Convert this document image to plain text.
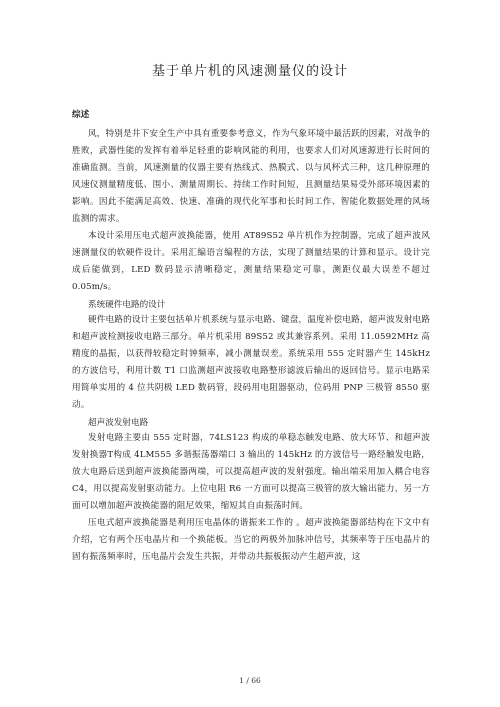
基于单片机的风速测量仪的设计
综述

风，特别是井下安全生产中具有重要参考意义，作为气象环境中最活跃的因素，对战争的胜败，武器性能的发挥有着举足轻重的影响风能的利用，也要求人们对风速源进行长时间的准确监测。当前，风速测量的仪器主要有热线式、热膜式、以与风杯式三种，这几种原理的风速仪测量精度低、围小、测量周期长、持续工作时间短，且测量结果易受外部环境因素的影响。因此不能满足高效、快速、准确的现代化军事和长时间工作、智能化数据处理的风场监测的需求。

本设计采用压电式超声波换能器，使用 AT89S52 单片机作为控制器，完成了超声波风速测量仪的软硬件设计。采用汇编语言编程的方法，实现了测量结果的计算和显示。设计完成后能做到，LED 数码显示清晰稳定，测量结果稳定可靠，测距仪最大误差不超过 0.05m/s。

系统硬件电路的设计

硬件电路的设计主要包括单片机系统与显示电路、键盘，温度补偿电路，超声波发射电路和超声波检测接收电路三部分。单片机采用 89S52 或其兼容系列。采用 11.0592MHz 高精度的晶振，以获得较稳定时钟频率，减小测量误差。系统采用 555 定时器产生 145kHz 的方波信号，利用计数 T1 口监测超声波接收电路整形滤波后输出的返回信号。显示电路采用简单实用的 4 位共阴极 LED 数码管，段码用电阻器驱动，位码用 PNP 三极管 8550 驱动。

超声波发射电路

发射电路主要由 555 定时器，74LS123 构成的单稳态触发电路、放大环节、和超声波发射换器T构成 4LM555 多谐振荡器端口 3 输出的 145kHz 的方波信号一路经触发电路，放大电路后送到超声波换能器两端，可以提高超声波的发射强度。输出端采用加入耦合电容 C4，用以提高发射驱动能力。上位电阻 R6 一方面可以提高三极管的放大输出能力，另一方面可以增加超声波换能器的阻尼效果，缩短其自由振荡时间。

压电式超声波换能器是利用压电晶体的谐振来工作的 。超声波换能器部结构在下文中有介绍，它有两个压电晶片和一个换能板。当它的两极外加脉冲信号，其频率等于压电晶片的固有振荡频率时，压电晶片会发生共振，并带动共振板振动产生超声波，这

1 / 66
